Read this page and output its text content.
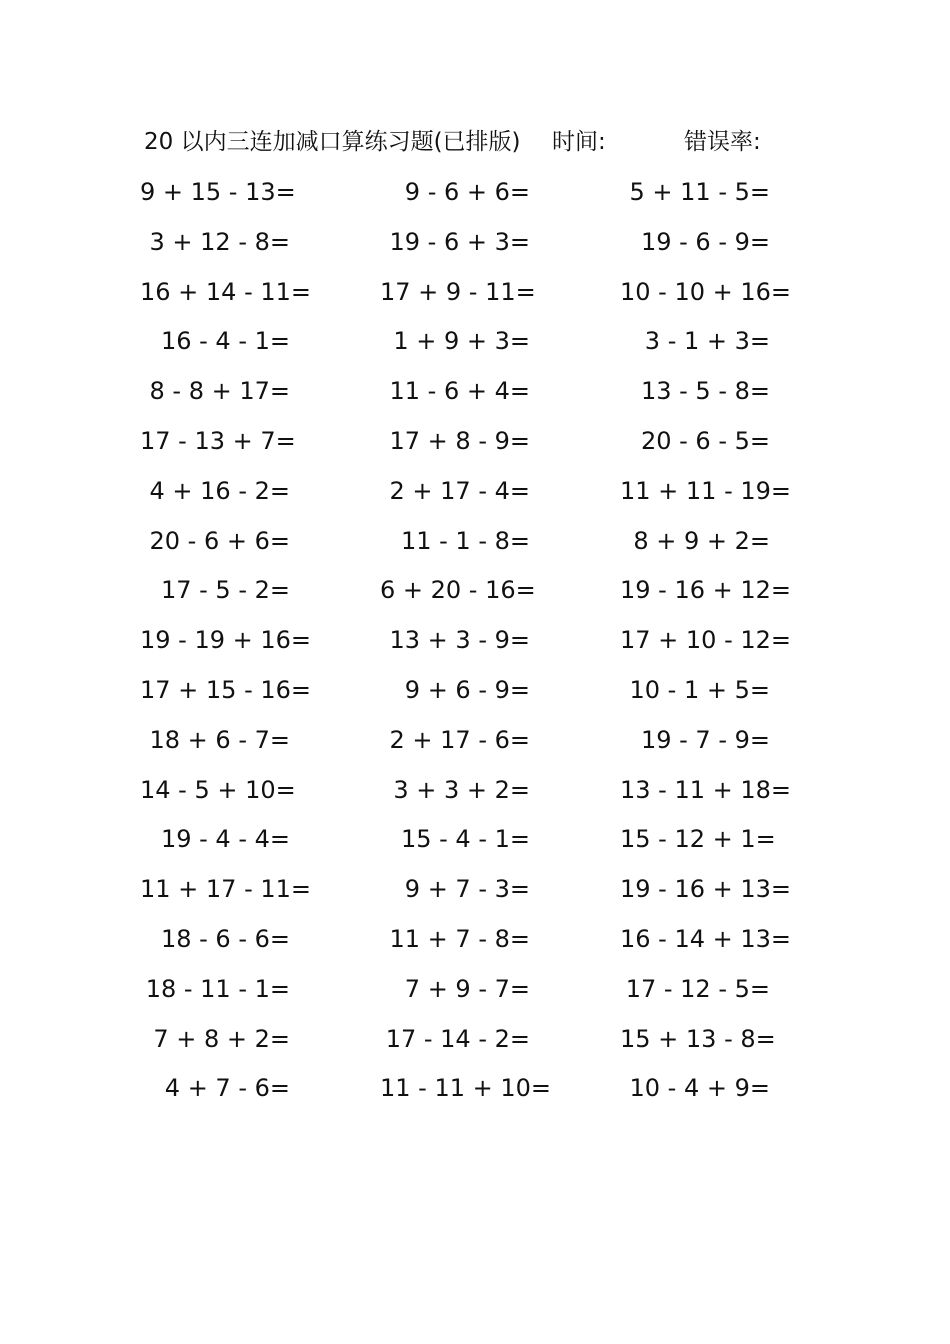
20 以内三连加减口算练习题(已排版) 时间:	错误率:
9 + 15 - 13=	9 - 6 + 6=	5 + 11 - 5=
3 + 12 - 8=	19 - 6 + 3=	19 - 6 - 9=
16 + 14 - 11=	17 + 9 - 11=	10 - 10 + 16=
16 - 4 - 1=	1 + 9 + 3=	3 - 1 + 3=
8 - 8 + 17=	11 - 6 + 4=	13 - 5 - 8=
17 - 13 + 7=	17 + 8 - 9=	20 - 6 - 5=
4 + 16 - 2=	2 + 17 - 4=	11 + 11 - 19=
20 - 6 + 6=	11 - 1 - 8=	8 + 9 + 2=
17 - 5 - 2=	6 + 20 - 16=	19 - 16 + 12=
19 - 19 + 16=	13 + 3 - 9=	17 + 10 - 12=
17 + 15 - 16=	9 + 6 - 9=	10 - 1 + 5=
18 + 6 - 7=	2 + 17 - 6=	19 - 7 - 9=
14 - 5 + 10=	3 + 3 + 2=	13 - 11 + 18=
19 - 4 - 4=	15 - 4 - 1=	15 - 12 + 1=
11 + 17 - 11=	9 + 7 - 3=	19 - 16 + 13=
18 - 6 - 6=	11 + 7 - 8=	16 - 14 + 13=
18 - 11 - 1=	7 + 9 - 7=	17 - 12 - 5=
7 + 8 + 2=	17 - 14 - 2=	15 + 13 - 8=
4 + 7 - 6=	11 - 11 + 10=	10 - 4 + 9=
